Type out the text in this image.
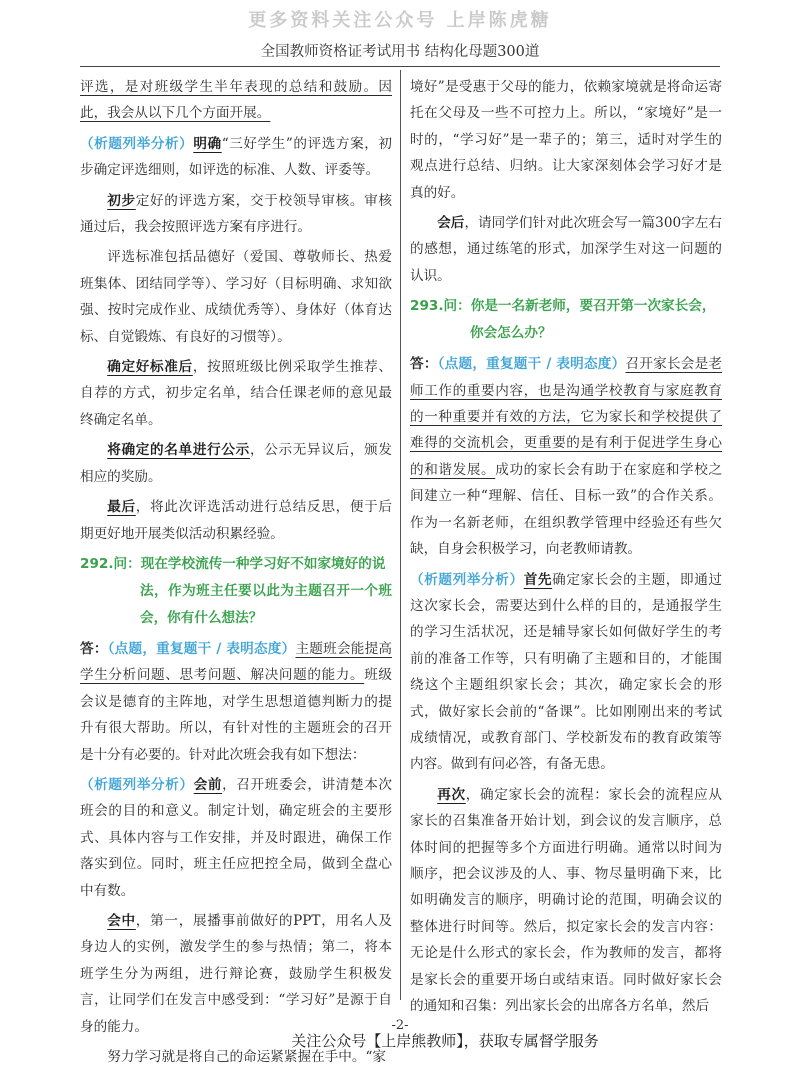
更多资料关注公众号 上岸陈虎糖
全国教师资格证考试用书 结构化母题300道

评选，是对班级学生半年表现的总结和鼓励。因此，我会从以下几个方面开展。

（析题列举分析）明确“三好学生”的评选方案，初步确定评选细则，如评选的标准、人数、评委等。

初步定好的评选方案，交于校领导审核。审核通过后，我会按照评选方案有序进行。

评选标准包括品德好（爱国、尊敬师长、热爱班集体、团结同学等）、学习好（目标明确、求知欲强、按时完成作业、成绩优秀等）、身体好（体育达标、自觉锻炼、有良好的习惯等）。

确定好标准后，按照班级比例采取学生推荐、自荐的方式，初步定名单，结合任课老师的意见最终确定名单。

将确定的名单进行公示，公示无异议后，颁发相应的奖励。

最后，将此次评选活动进行总结反思，便于后期更好地开展类似活动积累经验。

292.问：现在学校流传一种学习好不如家境好的说
法，作为班主任要以此为主题召开一个班会，你有什么想法？

答：（点题，重复题干 / 表明态度）主题班会能提高学生分析问题、思考问题、解决问题的能力。班级会议是德育的主阵地，对学生思想道德判断力的提升有很大帮助。所以，有针对性的主题班会的召开是十分有必要的。针对此次班会我有如下想法：

（析题列举分析）会前，召开班委会，讲清楚本次班会的目的和意义。制定计划，确定班会的主要形式、具体内容与工作安排，并及时跟进，确保工作落实到位。同时，班主任应把控全局，做到全盘心中有数。

会中，第一，展播事前做好的PPT，用名人及身边人的实例，激发学生的参与热情；第二，将本班学生分为两组，进行辩论赛，鼓励学生积极发言，让同学们在发言中感受到：“学习好”是源于自身的能力。

努力学习就是将自己的命运紧紧握在手中。“家

境好”是受惠于父母的能力，依赖家境就是将命运寄托在父母及一些不可控力上。所以，“家境好”是一时的，“学习好”是一辈子的；第三，适时对学生的观点进行总结、归纳。让大家深刻体会学习好才是真的好。

会后，请同学们针对此次班会写一篇300字左右的感想，通过练笔的形式，加深学生对这一问题的认识。

293.问：你是一名新老师，要召开第一次家长会，
你会怎么办？

答：（点题，重复题干 / 表明态度）召开家长会是老师工作的重要内容，也是沟通学校教育与家庭教育的一种重要并有效的方法，它为家长和学校提供了难得的交流机会，更重要的是有利于促进学生身心的和谐发展。成功的家长会有助于在家庭和学校之间建立一种“理解、信任、目标一致”的合作关系。作为一名新老师，在组织教学管理中经验还有些欠缺，自身会积极学习，向老教师请教。

（析题列举分析）首先确定家长会的主题，即通过这次家长会，需要达到什么样的目的，是通报学生的学习生活状况，还是辅导家长如何做好学生的考前的准备工作等，只有明确了主题和目的，才能围绕这个主题组织家长会；其次，确定家长会的形式，做好家长会前的“备课”。比如刚刚出来的考试成绩情况，或教育部门、学校新发布的教育政策等内容。做到有问必答，有备无患。

再次，确定家长会的流程：家长会的流程应从家长的召集准备开始计划，到会议的发言顺序，总体时间的把握等多个方面进行明确。通常以时间为顺序，把会议涉及的人、事、物尽量明确下来，比如明确发言的顺序，明确讨论的范围，明确会议的整体进行时间等。然后，拟定家长会的发言内容：无论是什么形式的家长会，作为教师的发言，都将是家长会的重要开场白或结束语。同时做好家长会的通知和召集：列出家长会的出席各方名单，然后

-2-
关注公众号【上岸熊教师】，获取专属督学服务
